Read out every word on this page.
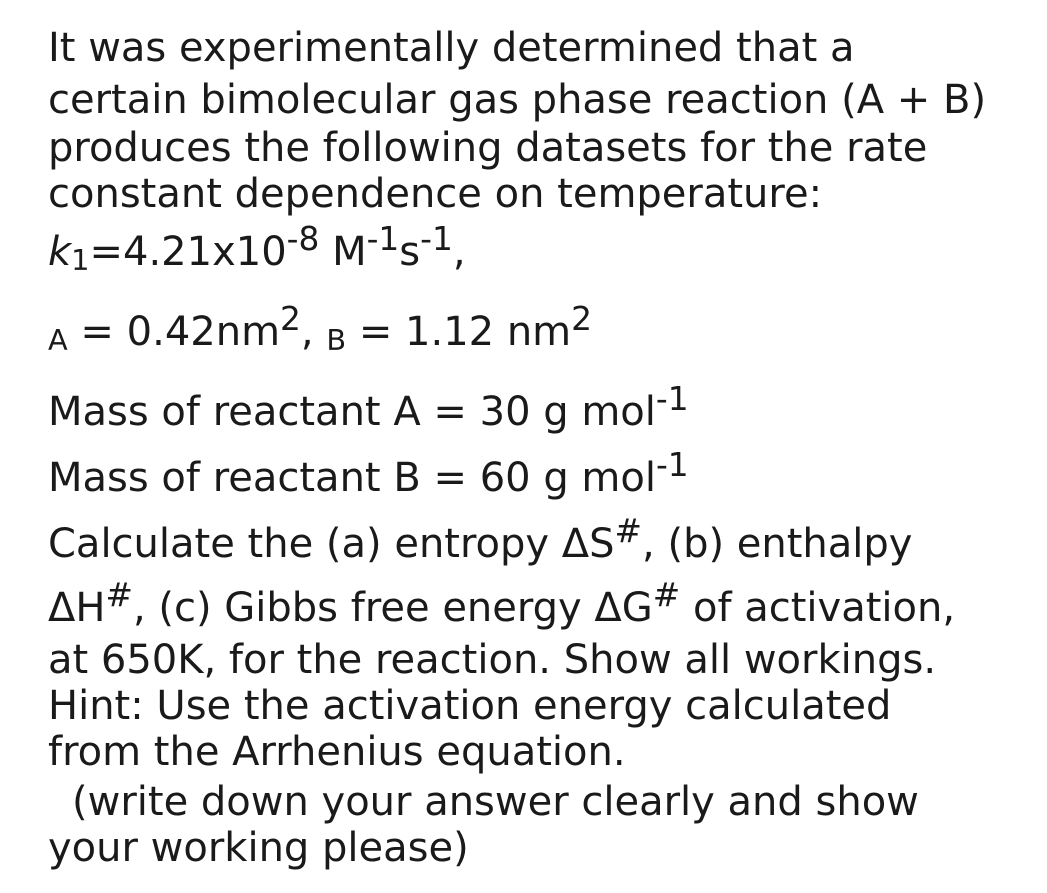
It was experimentally determined that a
certain bimolecular gas phase reaction (A + B)
produces the following datasets for the rate
constant dependence on temperature:
$k1=4.21x10^{-8}$ $M^{-1}s^{-1}$,
$A = 0.42nm^2$, B = 1.12 $nm^2$
Mass of reactant A = 30 g mol$^{-1}$
Mass of reactant B = 60 g mol$^{-1}$
Calculate the (a) entropy ΔS#, (b) enthalpy
ΔH#, (c) Gibbs free energy ΔG# of activation,
at 650K, for the reaction. Show all workings.
Hint: Use the activation energy calculated
from the Arrhenius equation.
(write down your answer clearly and show
your working please)
